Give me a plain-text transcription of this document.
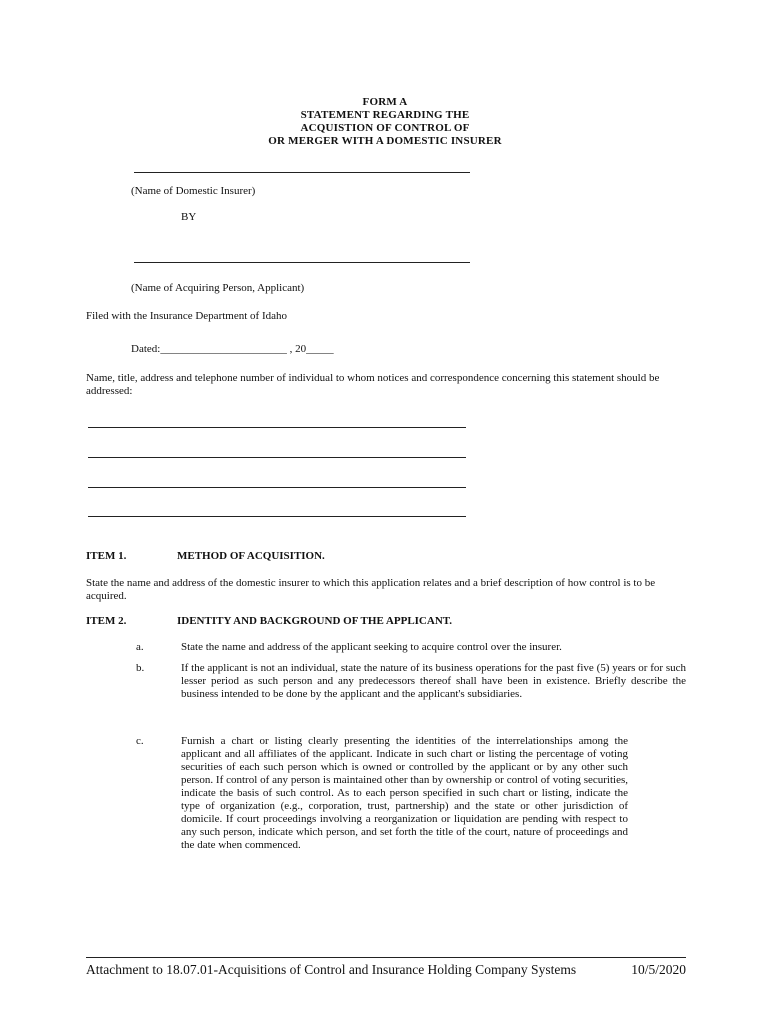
FORM A
STATEMENT REGARDING THE
ACQUISTION OF CONTROL OF
OR MERGER WITH A DOMESTIC INSURER
(Name of Domestic Insurer)
BY
(Name of Acquiring Person, Applicant)
Filed with the Insurance Department of Idaho
Dated:_______________________ , 20_____
Name, title, address and telephone number of individual to whom notices and correspondence concerning this statement should be addressed:
ITEM 1.	METHOD OF ACQUISITION.
State the name and address of the domestic insurer to which this application relates and a brief description of how control is to be acquired.
ITEM 2.	IDENTITY AND BACKGROUND OF THE APPLICANT.
a.	State the name and address of the applicant seeking to acquire control over the insurer.
b.	If the applicant is not an individual, state the nature of its business operations for the past five (5) years or for such lesser period as such person and any predecessors thereof shall have been in existence. Briefly describe the business intended to be done by the applicant and the applicant's subsidiaries.
c.	Furnish a chart or listing clearly presenting the identities of the interrelationships among the applicant and all affiliates of the applicant. Indicate in such chart or listing the percentage of voting securities of each such person which is owned or controlled by the applicant or by any other such person. If control of any person is maintained other than by ownership or control of voting securities, indicate the basis of such control. As to each person specified in such chart or listing, indicate the type of organization (e.g., corporation, trust, partnership) and the state or other jurisdiction of domicile. If court proceedings involving a reorganization or liquidation are pending with respect to any such person, indicate which person, and set forth the title of the court, nature of proceedings and the date when commenced.
Attachment to 18.07.01-Acquisitions of Control and Insurance Holding Company Systems	10/5/2020
